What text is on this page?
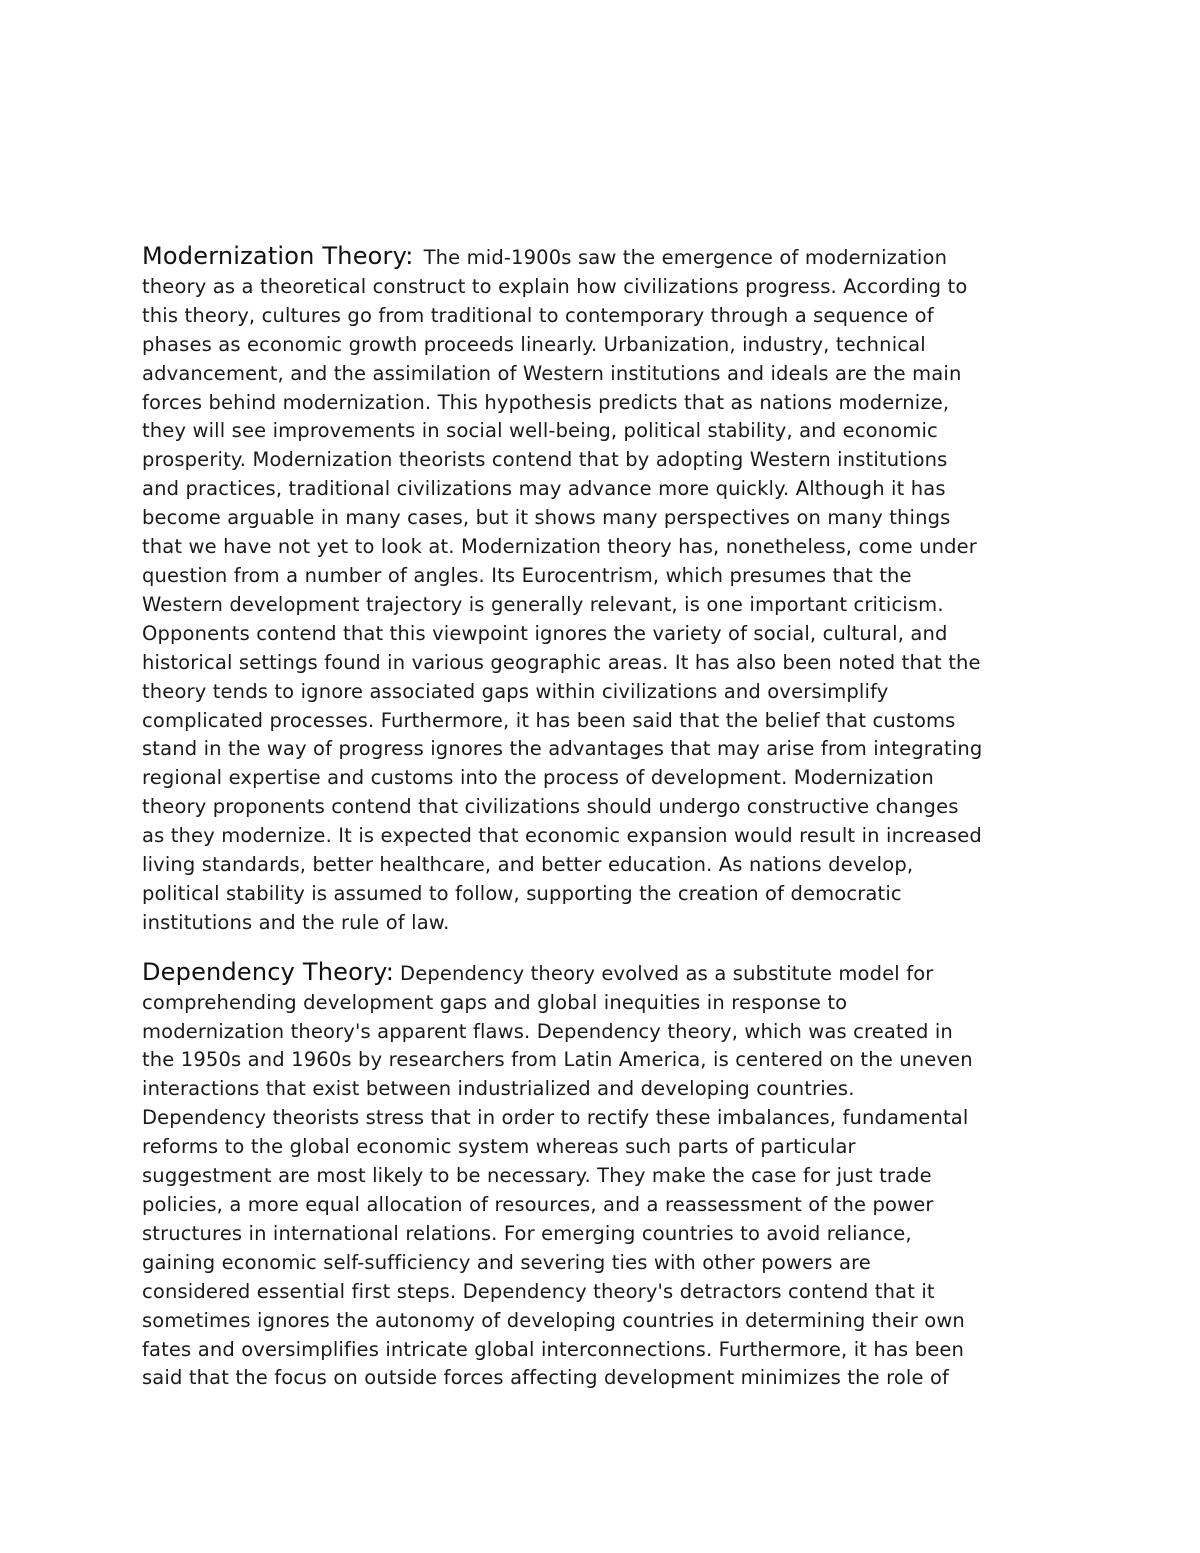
Modernization Theory: The mid-1900s saw the emergence of modernization
theory as a theoretical construct to explain how civilizations progress. According to
this theory, cultures go from traditional to contemporary through a sequence of
phases as economic growth proceeds linearly. Urbanization, industry, technical
advancement, and the assimilation of Western institutions and ideals are the main
forces behind modernization. This hypothesis predicts that as nations modernize,
they will see improvements in social well-being, political stability, and economic
prosperity. Modernization theorists contend that by adopting Western institutions
and practices, traditional civilizations may advance more quickly. Although it has
become arguable in many cases, but it shows many perspectives on many things
that we have not yet to look at. Modernization theory has, nonetheless, come under
question from a number of angles. Its Eurocentrism, which presumes that the
Western development trajectory is generally relevant, is one important criticism.
Opponents contend that this viewpoint ignores the variety of social, cultural, and
historical settings found in various geographic areas. It has also been noted that the
theory tends to ignore associated gaps within civilizations and oversimplify
complicated processes. Furthermore, it has been said that the belief that customs
stand in the way of progress ignores the advantages that may arise from integrating
regional expertise and customs into the process of development. Modernization
theory proponents contend that civilizations should undergo constructive changes
as they modernize. It is expected that economic expansion would result in increased
living standards, better healthcare, and better education. As nations develop,
political stability is assumed to follow, supporting the creation of democratic
institutions and the rule of law.

Dependency Theory: Dependency theory evolved as a substitute model for
comprehending development gaps and global inequities in response to
modernization theory's apparent flaws. Dependency theory, which was created in
the 1950s and 1960s by researchers from Latin America, is centered on the uneven
interactions that exist between industrialized and developing countries.
Dependency theorists stress that in order to rectify these imbalances, fundamental
reforms to the global economic system whereas such parts of particular
suggestment are most likely to be necessary. They make the case for just trade
policies, a more equal allocation of resources, and a reassessment of the power
structures in international relations. For emerging countries to avoid reliance,
gaining economic self-sufficiency and severing ties with other powers are
considered essential first steps. Dependency theory's detractors contend that it
sometimes ignores the autonomy of developing countries in determining their own
fates and oversimplifies intricate global interconnections. Furthermore, it has been
said that the focus on outside forces affecting development minimizes the role of
